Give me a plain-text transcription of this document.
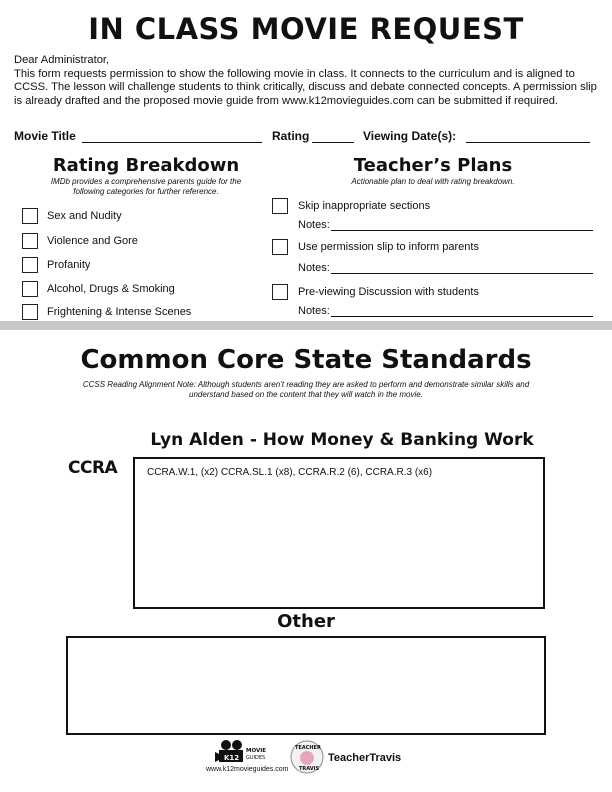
IN CLASS MOVIE REQUEST

Dear Administrator,

This form requests permission to show the following movie in class. It connects to the curriculum and is aligned to CCSS. The lesson will challenge students to think critically, discuss and debate connected concepts. A permission slip is already drafted and the proposed movie guide from www.k12movieguides.com can be submitted if required.

Movie Title	Rating	Viewing Date(s):
Rating Breakdown
IMDb provides a comprehensive parents guide for the
following categories for further reference.
Sex and Nudity
Violence and Gore
Profanity
Alcohol, Drugs & Smoking
Frightening & Intense Scenes
Teacher’s Plans
Actionable plan to deal with rating breakdown.
Skip inappropriate sections
Notes:
Use permission slip to inform parents
Notes:
Pre-viewing Discussion with students
Notes:
Common Core State Standards
CCSS Reading Alignment Note: Although students aren’t reading they are asked to perform and demonstrate similar skills and
understand based on the content that they will watch in the movie.
Lyn Alden - How Money & Banking Work
CCRA	CCRA.W.1, (x2) CCRA.SL.1 (x8), CCRA.R.2 (6), CCRA.R.3 (x6)
Other
K12
MOVIE
GUIDES
www.k12movieguides.com
TEACHER
TRAVIS
TeacherTravis
